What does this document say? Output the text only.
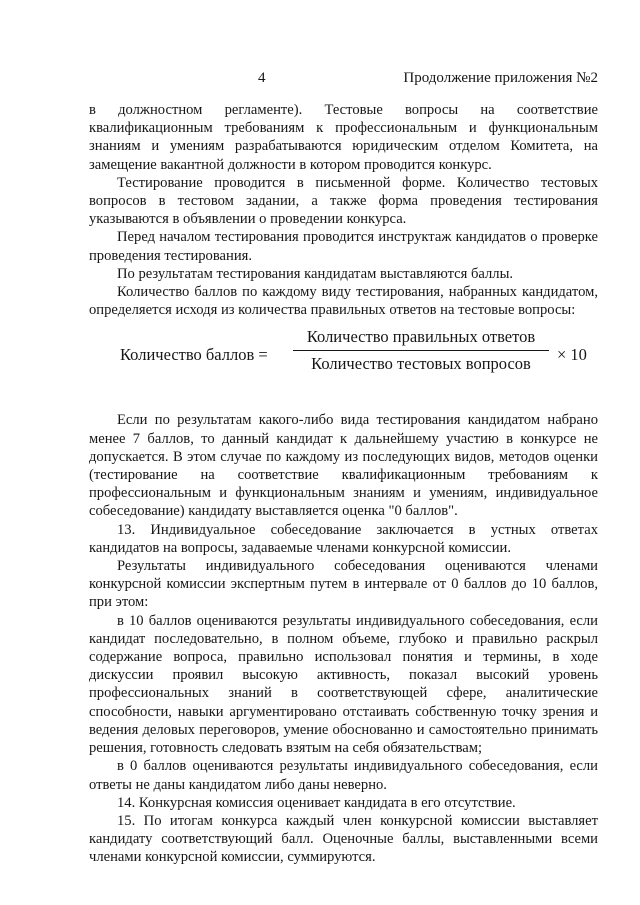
4	Продолжение приложения №2

в должностном регламенте). Тестовые вопросы на соответствие квалификационным требованиям к профессиональным и функциональным знаниям и умениям разрабатываются юридическим отделом Комитета, на замещение вакантной должности в котором проводится конкурс.

Тестирование проводится в письменной форме. Количество тестовых вопросов в тестовом задании, а также форма проведения тестирования указываются в объявлении о проведении конкурса.

Перед началом тестирования проводится инструктаж кандидатов о проверке проведения тестирования.

По результатам тестирования кандидатам выставляются баллы.

Количество баллов по каждому виду тестирования, набранных кандидатом, определяется исходя из количества правильных ответов на тестовые вопросы:

Количество баллов =
Количество правильных ответов
Количество тестовых вопросов	× 10

Если по результатам какого-либо вида тестирования кандидатом набрано менее 7 баллов, то данный кандидат к дальнейшему участию в конкурсе не допускается. В этом случае по каждому из последующих видов, методов оценки (тестирование на соответствие квалификационным требованиям к профессиональным и функциональным знаниям и умениям, индивидуальное собеседование) кандидату выставляется оценка "0 баллов".

13. Индивидуальное собеседование заключается в устных ответах кандидатов на вопросы, задаваемые членами конкурсной комиссии.

Результаты индивидуального собеседования оцениваются членами конкурсной комиссии экспертным путем в интервале от 0 баллов до 10 баллов, при этом:

в 10 баллов оцениваются результаты индивидуального собеседования, если кандидат последовательно, в полном объеме, глубоко и правильно раскрыл содержание вопроса, правильно использовал понятия и термины, в ходе дискуссии проявил высокую активность, показал высокий уровень профессиональных знаний в соответствующей сфере, аналитические способности, навыки аргументировано отстаивать собственную точку зрения и ведения деловых переговоров, умение обоснованно и самостоятельно принимать решения, готовность следовать взятым на себя обязательствам;

в 0 баллов оцениваются результаты индивидуального собеседования, если ответы не даны кандидатом либо даны неверно.

14. Конкурсная комиссия оценивает кандидата в его отсутствие.

15. По итогам конкурса каждый член конкурсной комиссии выставляет кандидату соответствующий балл. Оценочные баллы, выставленными всеми членами конкурсной комиссии, суммируются.
